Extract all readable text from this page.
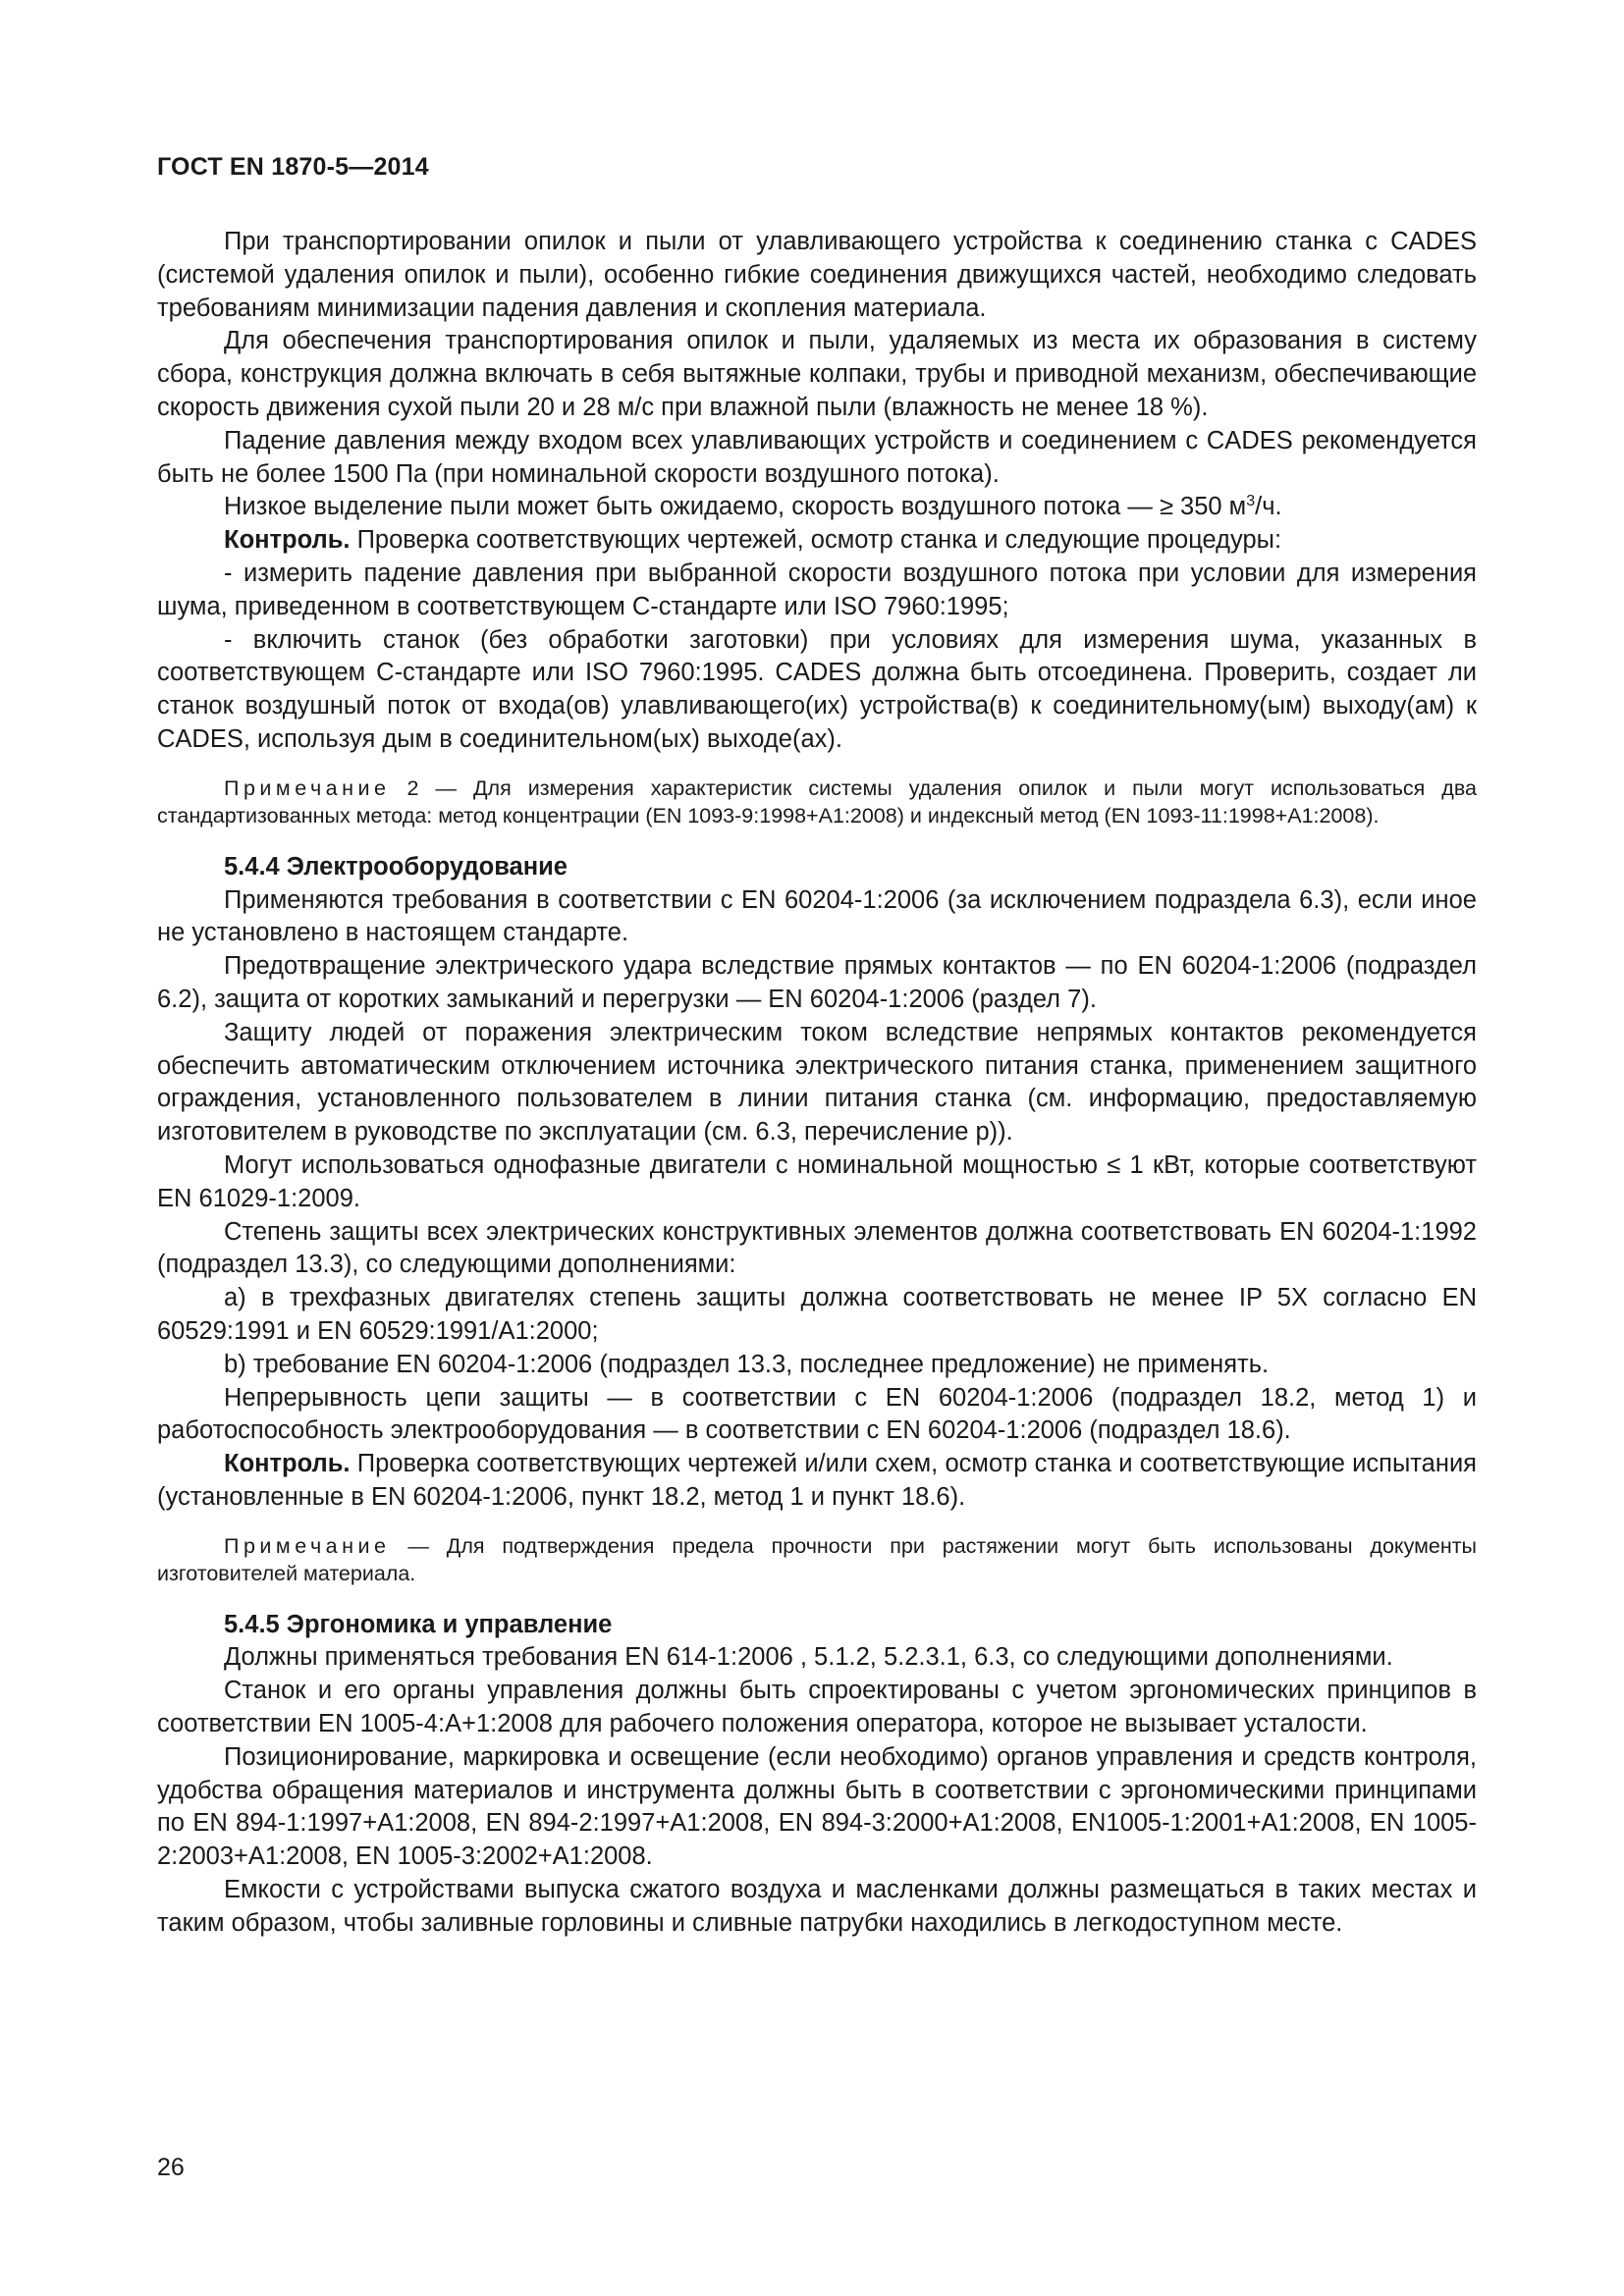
ГОСТ EN 1870-5—2014

При транспортировании опилок и пыли от улавливающего устройства к соединению станка с CADES (системой удаления опилок и пыли), особенно гибкие соединения движущихся частей, необходимо следовать требованиям минимизации падения давления и скопления материала.

Для обеспечения транспортирования опилок и пыли, удаляемых из места их образования в систему сбора, конструкция должна включать в себя вытяжные колпаки, трубы и приводной механизм, обеспечивающие скорость движения сухой пыли 20 и 28 м/с при влажной пыли (влажность не менее 18 %).

Падение давления между входом всех улавливающих устройств и соединением с CADES рекомендуется быть не более 1500 Па (при номинальной скорости воздушного потока).

Низкое выделение пыли может быть ожидаемо, скорость воздушного потока — ≥ 350 $м^3/ч$.

Контроль. Проверка соответствующих чертежей, осмотр станка и следующие процедуры:

- измерить падение давления при выбранной скорости воздушного потока при условии для измерения шума, приведенном в соответствующем С-стандарте или ISO 7960:1995;

- включить станок (без обработки заготовки) при условиях для измерения шума, указанных в соответствующем С-стандарте или ISO 7960:1995. CADES должна быть отсоединена. Проверить, создает ли станок воздушный поток от входа(ов) улавливающего(их) устройства(в) к соединительному(ым) выходу(ам) к CADES, используя дым в соединительном(ых) выходе(ах).

Примечание 2 — Для измерения характеристик системы удаления опилок и пыли могут использоваться два стандартизованных метода: метод концентрации (EN 1093-9:1998+A1:2008) и индексный метод (EN 1093-11:1998+A1:2008).

5.4.4 Электрооборудование

Применяются требования в соответствии с EN 60204-1:2006 (за исключением подраздела 6.3), если иное не установлено в настоящем стандарте.

Предотвращение электрического удара вследствие прямых контактов — по EN 60204-1:2006 (подраздел 6.2), защита от коротких замыканий и перегрузки — EN 60204-1:2006 (раздел 7).

Защиту людей от поражения электрическим током вследствие непрямых контактов рекомендуется обеспечить автоматическим отключением источника электрического питания станка, применением защитного ограждения, установленного пользователем в линии питания станка (см. информацию, предоставляемую изготовителем в руководстве по эксплуатации (см. 6.3, перечисление р)).

Могут использоваться однофазные двигатели с номинальной мощностью ≤ 1 кВт, которые соответствуют EN 61029-1:2009.

Степень защиты всех электрических конструктивных элементов должна соответствовать EN 60204-1:1992 (подраздел 13.3), со следующими дополнениями:

а) в трехфазных двигателях степень защиты должна соответствовать не менее IP 5X согласно EN 60529:1991 и EN 60529:1991/A1:2000;

b) требование EN 60204-1:2006 (подраздел 13.3, последнее предложение) не применять.

Непрерывность цепи защиты — в соответствии с EN 60204-1:2006 (подраздел 18.2, метод 1) и работоспособность электрооборудования — в соответствии с EN 60204-1:2006 (подраздел 18.6).

Контроль. Проверка соответствующих чертежей и/или схем, осмотр станка и соответствующие испытания (установленные в EN 60204-1:2006, пункт 18.2, метод 1 и пункт 18.6).

Примечание — Для подтверждения предела прочности при растяжении могут быть использованы документы изготовителей материала.

5.4.5 Эргономика и управление

Должны применяться требования EN 614-1:2006 , 5.1.2, 5.2.3.1, 6.3, со следующими дополнениями.

Станок и его органы управления должны быть спроектированы с учетом эргономических принципов в соответствии EN 1005-4:A+1:2008 для рабочего положения оператора, которое не вызывает усталости.

Позиционирование, маркировка и освещение (если необходимо) органов управления и средств контроля, удобства обращения материалов и инструмента должны быть в соответствии с эргономическими принципами по EN 894-1:1997+A1:2008, EN 894-2:1997+A1:2008, EN 894-3:2000+A1:2008, EN1005-1:2001+A1:2008, EN 1005-2:2003+A1:2008, EN 1005-3:2002+A1:2008.

Емкости с устройствами выпуска сжатого воздуха и масленками должны размещаться в таких местах и таким образом, чтобы заливные горловины и сливные патрубки находились в легкодоступном месте.

26
